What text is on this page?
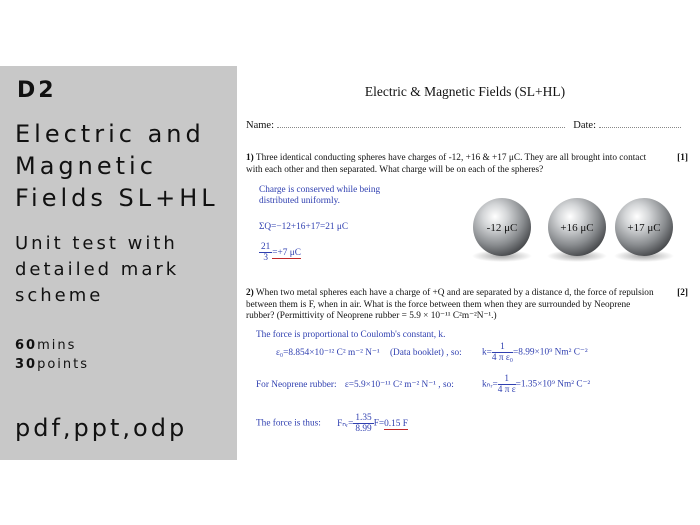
D2
Electric and
Magnetic
Fields SL+HL
Unit test with
detailed mark
scheme
60mins
30points
pdf,ppt,odp
Electric & Magnetic Fields (SL+HL)
Name:	Date:
1) Three identical conducting spheres have charges of -12, +16 & +17 μC. They are all brought into contact with each other and then separated. What charge will be on each of the spheres?
[1]
Charge is conserved while being
distributed uniformly.
ΣQ=−12+16+17=21 μC
$\frac{21}{3} =+7$ μC
-12 μC	+16 μC	+17 μC
2) When two metal spheres each have a charge of +Q and are separated by a distance d, the force of repulsion between them is F, when in air. What is the force between them when they are surrounded by Neoprene rubber? (Permittivity of Neoprene rubber = 5.9 × 10⁻¹¹ C²m⁻²N⁻¹.)
[2]
The force is proportional to Coulomb's constant, k.
ε₀=8.854×10⁻¹² C² m⁻² N⁻¹ (Data booklet) , so: $k= \frac{1}{\text{4 π ε₀}} =8.99\times 10^9$ Nm² C⁻²
For Neoprene rubber: ε=5.9×10⁻¹¹ C² m⁻² N⁻¹ , so:	kₙᵣ= $\frac{1}{\text{4 π ε}} =1.35\times 10^9$ Nm² C⁻²
The force is thus: Fₙᵣ= $\frac{1.35}{8.99} F=0.15$ F
